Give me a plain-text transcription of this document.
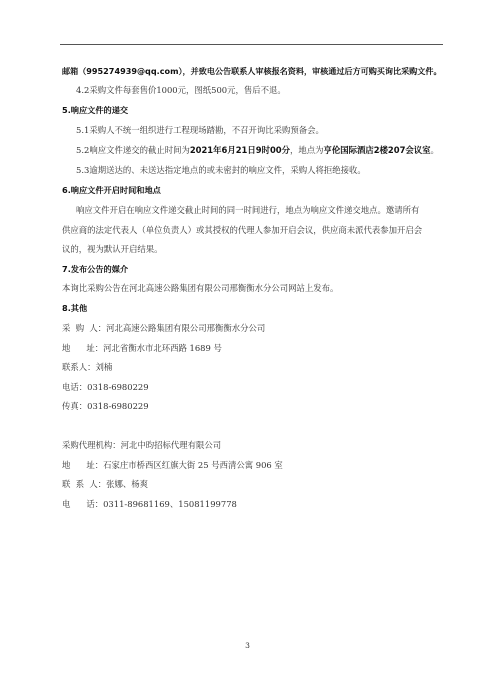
邮箱（995274939@qq.com），并致电公告联系人审核报名资料，审核通过后方可购买询比采购文件。
4.2采购文件每套售价1000元，图纸500元，售后不退。
5.响应文件的递交
5.1采购人不统一组织进行工程现场踏勘，不召开询比采购预备会。
5.2响应文件递交的截止时间为2021年6月21日9时00分，地点为亨伦国际酒店2楼207会议室。
5.3逾期送达的、未送达指定地点的或未密封的响应文件，采购人将拒绝接收。
6.响应文件开启时间和地点
响应文件开启在响应文件递交截止时间的同一时间进行，地点为响应文件递交地点。邀请所有
供应商的法定代表人（单位负责人）或其授权的代理人参加开启会议，供应商未派代表参加开启会
议的，视为默认开启结果。
7.发布公告的媒介
本询比采购公告在河北高速公路集团有限公司邢衡衡水分公司网站上发布。
8.其他
采  购  人：河北高速公路集团有限公司邢衡衡水分公司
地      址：河北省衡水市北环西路 1689 号
联系人：刘楠
电话：0318-6980229
传真：0318-6980229
采购代理机构：河北中昀招标代理有限公司
地      址：石家庄市桥西区红旗大街 25 号西清公寓 906 室
联  系  人：张娜、杨爽
电      话：0311-89681169、15081199778
3
